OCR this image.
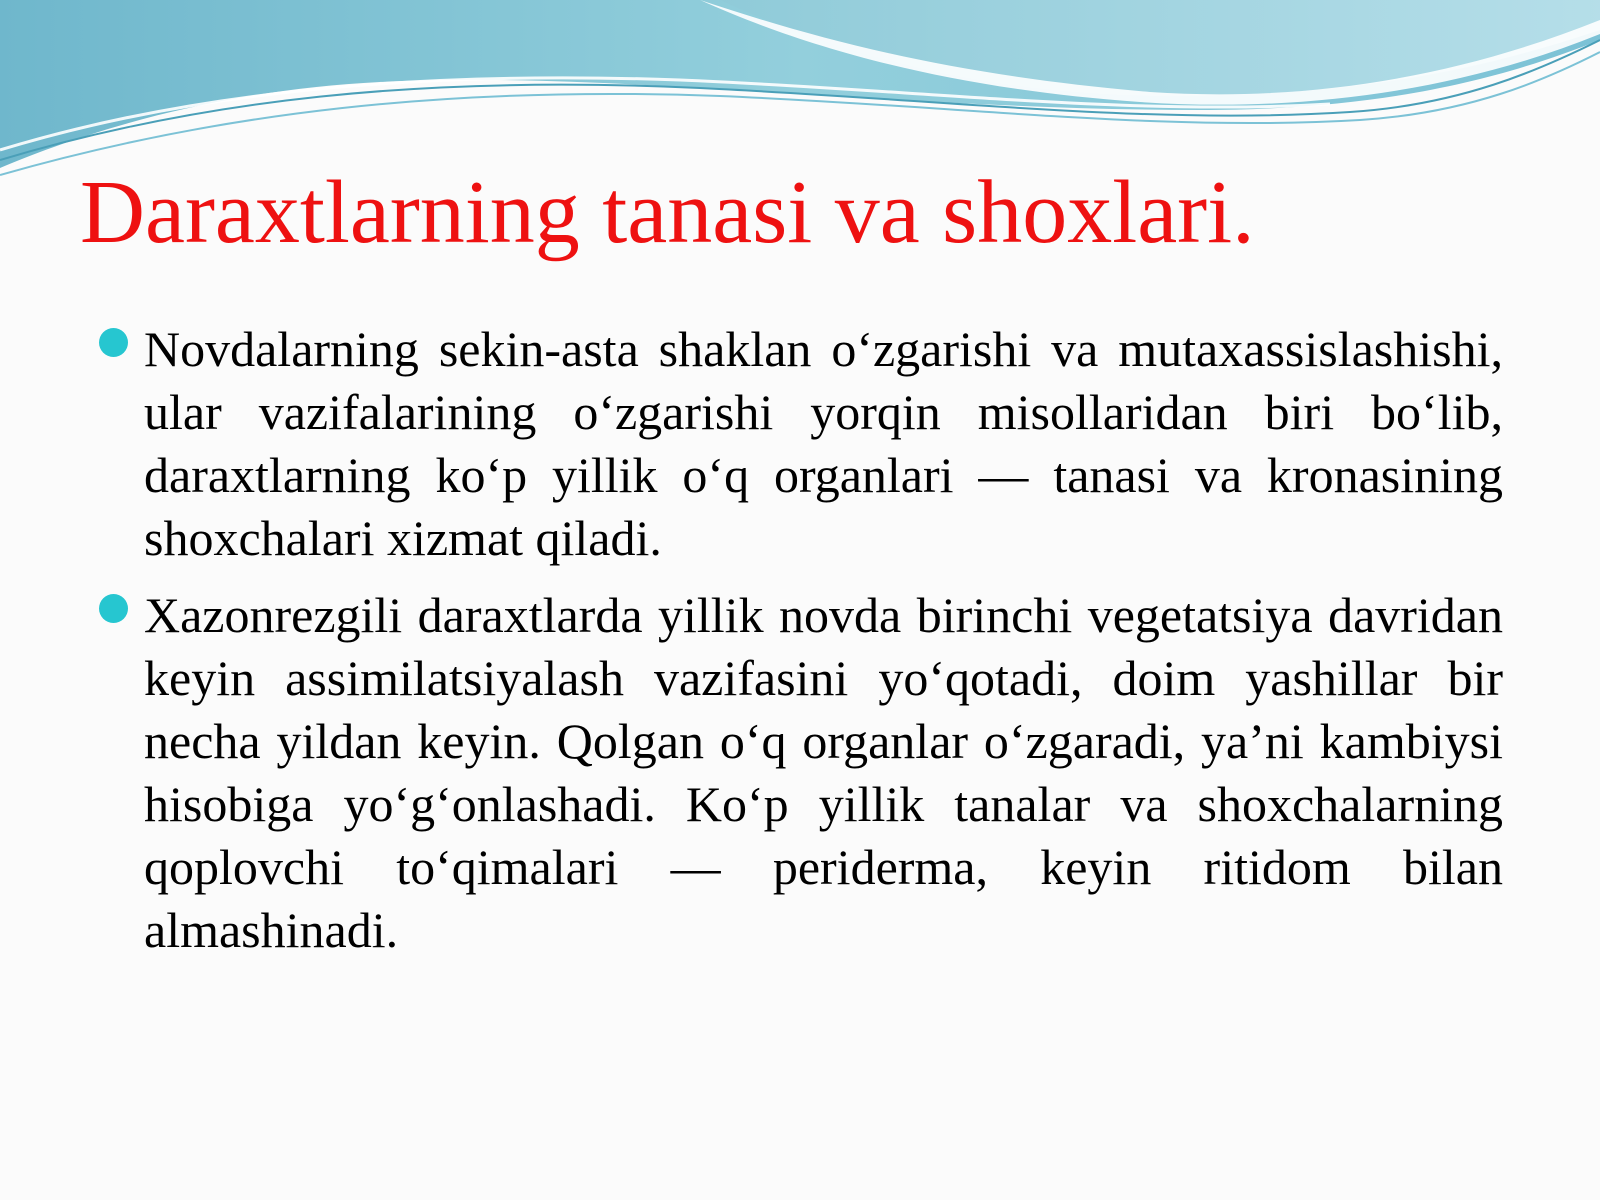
Daraxtlarning tanasi va shoxlari.
Novdalarning sekin-asta shaklan o‘zgarishi va mutaxassislashishi, ular vazifalarining o‘zgarishi yorqin misollaridan biri bo‘lib, daraxtlarning ko‘p yillik o‘q organlari — tanasi va kronasining shoxchalari xizmat qiladi.
Xazonrezgili daraxtlarda yillik novda birinchi vegetatsiya davridan keyin assimilatsiyalash vazifasini yo‘qotadi, doim yashillar bir necha yildan keyin. Qolgan o‘q organlar o‘zgaradi, ya’ni kambiysi hisobiga yo‘g‘onlashadi. Ko‘p yillik tanalar va shoxchalarning qoplovchi to‘qimalari — periderma, keyin ritidom bilan almashinadi.
